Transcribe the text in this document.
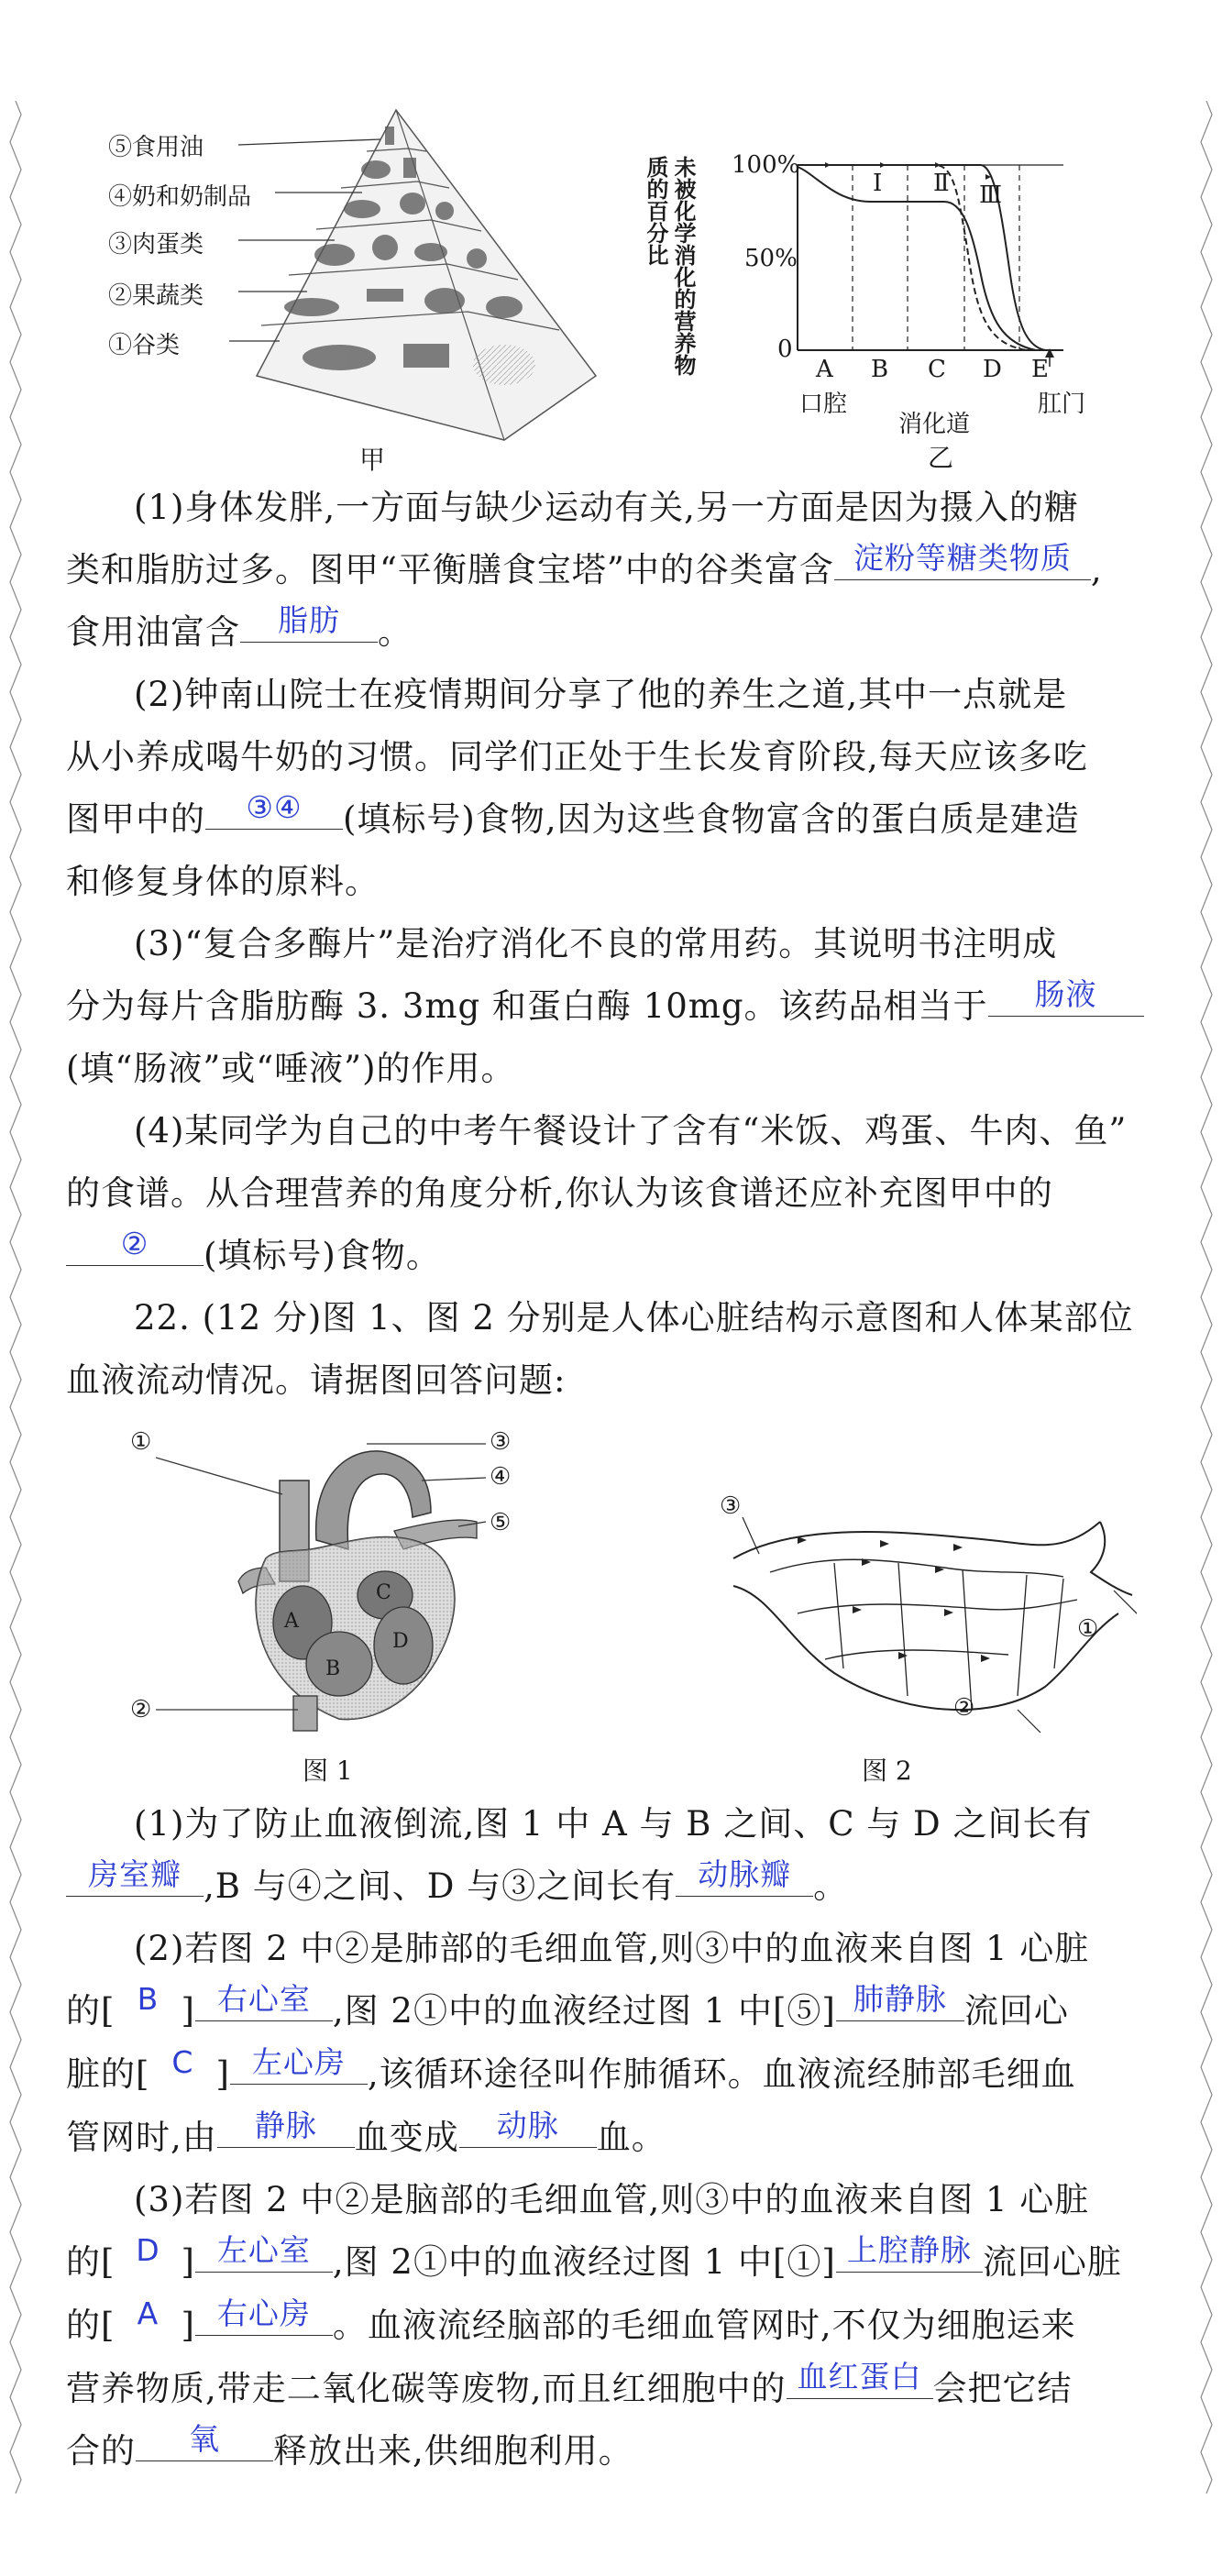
⑤食用油
④奶和奶制品
③肉蛋类
②果蔬类
①谷类
甲
未被化学消化的营养物质的百分比	100%
50%
0
Ⅰ Ⅱ Ⅲ
A B C D E
口腔	肛门
消化道
乙

(1)身体发胖,一方面与缺少运动有关,另一方面是因为摄入的糖

类和脂肪过多。图甲“平衡膳食宝塔”中的谷类富含 淀粉等糖类物质 ,

食用油富含 脂肪 。

(2)钟南山院士在疫情期间分享了他的养生之道,其中一点就是

从小养成喝牛奶的习惯。同学们正处于生长发育阶段,每天应该多吃

图甲中的 ③④ (填标号)食物,因为这些食物富含的蛋白质是建造

和修复身体的原料。

(3)“复合多酶片”是治疗消化不良的常用药。其说明书注明成

分为每片含脂肪酶 3. 3mg 和蛋白酶 10mg。该药品相当于 肠液

(填“肠液”或“唾液”)的作用。

(4)某同学为自己的中考午餐设计了含有“米饭、鸡蛋、牛肉、鱼”

的食谱。从合理营养的角度分析,你认为该食谱还应补充图甲中的

② (填标号)食物。

22. (12 分)图 1、图 2 分别是人体心脏结构示意图和人体某部位

血液流动情况。请据图回答问题:

①
②
③
④
⑤
A
B
C
D
图 1
③
①
②
图 2

(1)为了防止血液倒流,图 1 中 A 与 B 之间、C 与 D 之间长有

房室瓣 ,B 与④之间、D 与③之间长有 动脉瓣 。

(2)若图 2 中②是肺部的毛细血管,则③中的血液来自图 1 心脏

的[ B ] 右心室 ,图 2①中的血液经过图 1 中[⑤] 肺静脉 流回心

脏的[ C ] 左心房 ,该循环途径叫作肺循环。血液流经肺部毛细血

管网时,由 静脉 血变成 动脉 血。

(3)若图 2 中②是脑部的毛细血管,则③中的血液来自图 1 心脏

的[ D ] 左心室 ,图 2①中的血液经过图 1 中[①] 上腔静脉 流回心脏

的[ A ] 右心房 。血液流经脑部的毛细血管网时,不仅为细胞运来

营养物质,带走二氧化碳等废物,而且红细胞中的 血红蛋白 会把它结

合的 氧 释放出来,供细胞利用。
